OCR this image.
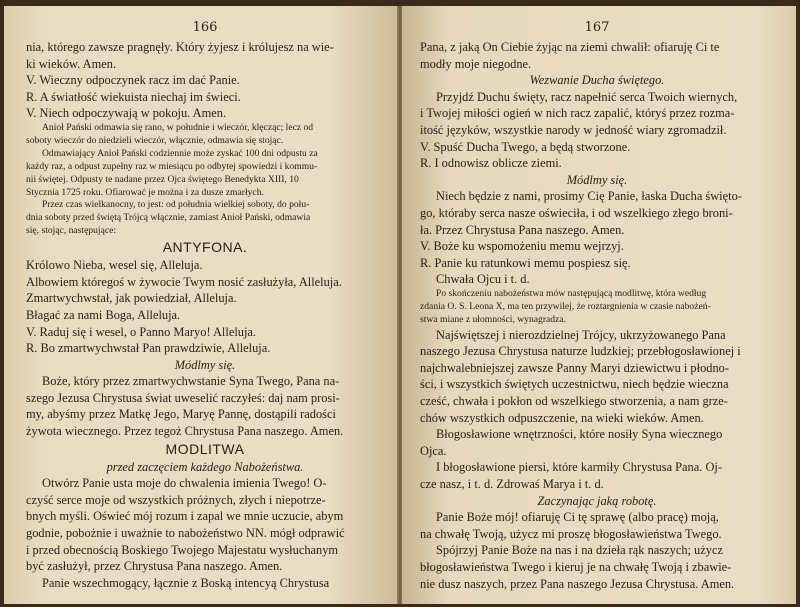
166
nia, którego zawsze pragnęły. Który żyjesz i królujesz na wie-
ki wieków. Amen.
V. Wieczny odpoczynek racz im dać Panie.
R. A światłość wiekuista niechaj im świeci.
V. Niech odpoczywają w pokoju. Amen.
Anioł Pański odmawia się rano, w południe i wieczór, klęcząc; lecz od
soboty wieczór do niedzieli wieczór, włącznie, odmawia się stojąc.
Odmawiający Anioł Pański codziennie może zyskać 100 dni odpustu za
każdy raz, a odpust zupełny raz w miesiącu po odbytej spowiedzi i kommu-
nii świętej. Odpusty te nadane przez Ojca świętego Benedykta XIII, 10
Stycznia 1725 roku. Ofiarować je można i za dusze zmarłych.
Przez czas wielkanocny, to jest: od południa wielkiej soboty, do połu-
dnia soboty przed świętą Trójcą włącznie, zamiast Anioł Pański, odmawia
się, stojąc, następujące:
ANTYFONA.
Królowo Nieba, wesel się, Alleluja.
Albowiem któregoś w żywocie Twym nosić zasłużyła, Alleluja.
Zmartwychwstał, jak powiedział, Alleluja.
Błagać za nami Boga, Alleluja.
V. Raduj się i wesel, o Panno Maryo! Alleluja.
R. Bo zmartwychwstał Pan prawdziwie, Alleluja.
Módlmy się.
Boże, który przez zmartwychwstanie Syna Twego, Pana na-
szego Jezusa Chrystusa świat uweselić raczyłeś: daj nam prosi-
my, abyśmy przez Matkę Jego, Maryę Pannę, dostąpili radości
żywota wiecznego. Przez tegoż Chrystusa Pana naszego. Amen.
MODLITWA
przed zaczęciem każdego Nabożeństwa.
Otwórz Panie usta moje do chwalenia imienia Twego! O-
czyść serce moje od wszystkich próżnych, złych i niepotrze-
bnych myśli. Oświeć mój rozum i zapal we mnie uczucie, abym
godnie, pobożnie i uważnie to nabożeństwo NN. mógł odprawić
i przed obecnością Boskiego Twojego Majestatu wysłuchanym
być zasłużył, przez Chrystusa Pana naszego. Amen.
Panie wszechmogący, łącznie z Boską intencyą Chrystusa
167
Pana, z jaką On Ciebie żyjąc na ziemi chwalił: ofiaruję Ci te
modły moje niegodne.
Wezwanie Ducha świętego.
Przyjdź Duchu święty, racz napełnić serca Twoich wiernych,
i Twojej miłości ogień w nich racz zapalić, któryś przez rozma-
itość języków, wszystkie narody w jedność wiary zgromadził.
V. Spuść Ducha Twego, a będą stworzone.
R. I odnowisz oblicze ziemi.
Módlmy się.
Niech będzie z nami, prosimy Cię Panie, łaska Ducha święto-
go, któraby serca nasze oświeciła, i od wszelkiego złego broni-
ła. Przez Chrystusa Pana naszego. Amen.
V. Boże ku wspomożeniu memu wejrzyj.
R. Panie ku ratunkowi memu pospiesz się.
Chwała Ojcu i t. d.
Po skończeniu nabożeństwa mów następującą modlitwę, która według
zdania O. S. Leona X, ma ten przywilej, że roztargnienia w czasie nabożeń-
stwa miane z ułomności, wynagradza.
Najświętszej i nierozdzielnej Trójcy, ukrzyżowanego Pana
naszego Jezusa Chrystusa naturze ludzkiej; przebłogosławionej i
najchwalebniejszej zawsze Panny Maryi dziewictwu i płodno-
ści, i wszystkich świętych uczestnictwu, niech będzie wieczna
cześć, chwała i pokłon od wszelkiego stworzenia, a nam grze-
chów wszystkich odpuszczenie, na wieki wieków. Amen.
Błogosławione wnętrzności, które nosiły Syna wiecznego
Ojca.
I błogosławione piersi, które karmiły Chrystusa Pana. Oj-
cze nasz, i t. d. Zdrowaś Marya i t. d.
Zaczynając jaką robotę.
Panie Boże mój! ofiaruję Ci tę sprawę (albo pracę) moją,
na chwałę Twoją, użycz mi proszę błogosławieństwa Twego.
Spójrzyj Panie Boże na nas i na dzieła rąk naszych; użycz
błogosławieństwa Twego i kieruj je na chwałę Twoją i zbawie-
nie dusz naszych, przez Pana naszego Jezusa Chrystusa. Amen.
